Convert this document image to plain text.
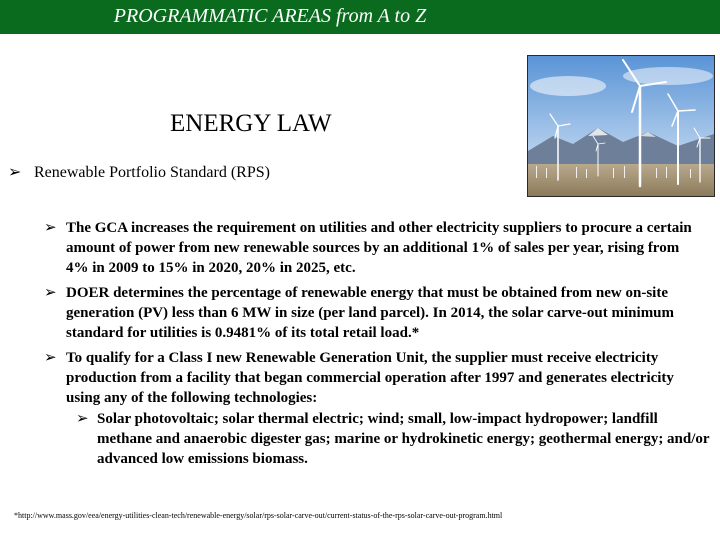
PROGRAMMATIC AREAS from A to Z
ENERGY LAW
➢ Renewable Portfolio Standard (RPS)
➢ The GCA increases the requirement on utilities and other electricity suppliers to procure a certain amount of power from new renewable sources by an additional 1% of sales per year, rising from 4% in 2009 to 15% in 2020, 20% in 2025, etc.
➢ DOER determines the percentage of renewable energy that must be obtained from new on-site generation (PV) less than 6 MW in size (per land parcel). In 2014, the solar carve-out minimum standard for utilities is 0.9481% of its total retail load.*
➢ To qualify for a Class I new Renewable Generation Unit, the supplier must receive electricity production from a facility that began commercial operation after 1997 and generates electricity using any of the following technologies:
➢ Solar photovoltaic; solar thermal electric; wind; small, low-impact hydropower; landfill methane and anaerobic digester gas; marine or hydrokinetic energy; geothermal energy; and/or advanced low emissions biomass.
*http://www.mass.gov/eea/energy-utilities-clean-tech/renewable-energy/solar/rps-solar-carve-out/current-status-of-the-rps-solar-carve-out-program.html
